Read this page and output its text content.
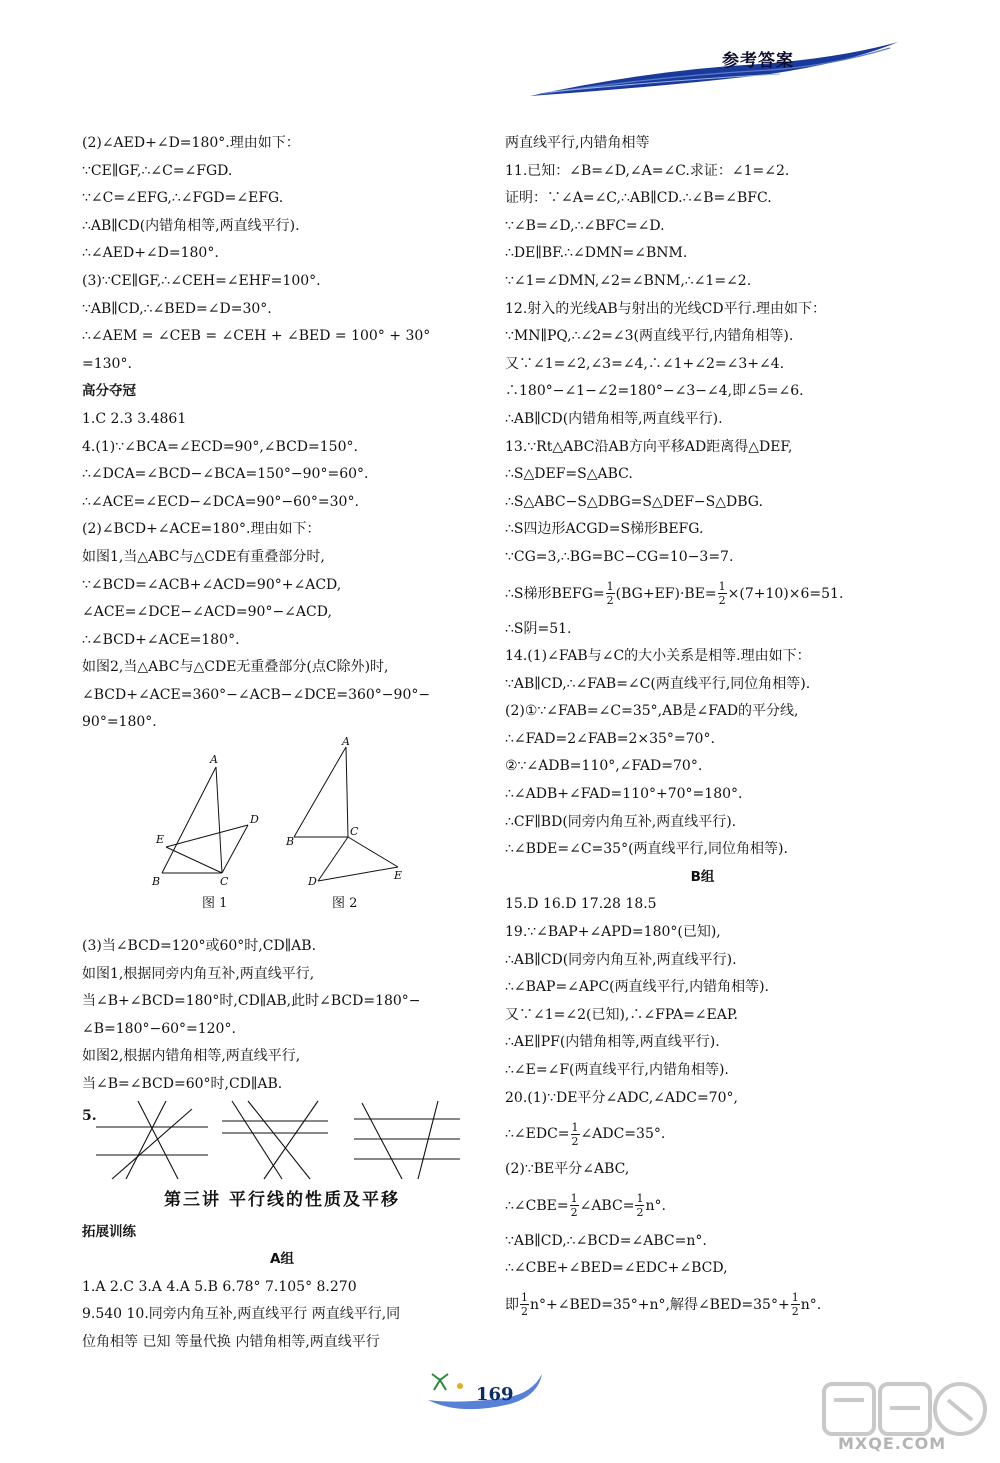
参考答案
(2)∠AED+∠D=180°.理由如下：
∵CE∥GF,∴∠C=∠FGD.
∵∠C=∠EFG,∴∠FGD=∠EFG.
∴AB∥CD(内错角相等,两直线平行).
∴∠AED+∠D=180°.
(3)∵CE∥GF,∴∠CEH=∠EHF=100°.
∵AB∥CD,∴∠BED=∠D=30°.
∴∠AEM = ∠CEB = ∠CEH + ∠BED = 100° + 30°
=130°.
高分夺冠
1.C 2.3 3.4861
4.(1)∵∠BCA=∠ECD=90°,∠BCD=150°.
∴∠DCA=∠BCD−∠BCA=150°−90°=60°.
∴∠ACE=∠ECD−∠DCA=90°−60°=30°.
(2)∠BCD+∠ACE=180°.理由如下：
如图1,当△ABC与△CDE有重叠部分时,
∵∠BCD=∠ACB+∠ACD=90°+∠ACD,
∠ACE=∠DCE−∠ACD=90°−∠ACD,
∴∠BCD+∠ACE=180°.
如图2,当△ABC与△CDE无重叠部分(点C除外)时,
∠BCD+∠ACE=360°−∠ACB−∠DCE=360°−90°−
90°=180°.
A
D
E
B	C
A
B
C
D	E
图 1	图 2
(3)当∠BCD=120°或60°时,CD∥AB.
如图1,根据同旁内角互补,两直线平行,
当∠B+∠BCD=180°时,CD∥AB,此时∠BCD=180°−
∠B=180°−60°=120°.
如图2,根据内错角相等,两直线平行,
当∠B=∠BCD=60°时,CD∥AB.
5.
第三讲 平行线的性质及平移
拓展训练
A组
1.A 2.C 3.A 4.A 5.B 6.78° 7.105° 8.270
9.540 10.同旁内角互补,两直线平行 两直线平行,同
位角相等 已知 等量代换 内错角相等,两直线平行
两直线平行,内错角相等
11.已知：∠B=∠D,∠A=∠C.求证：∠1=∠2.
证明：∵∠A=∠C,∴AB∥CD.∴∠B=∠BFC.
∵∠B=∠D,∴∠BFC=∠D.
∴DE∥BF.∴∠DMN=∠BNM.
∵∠1=∠DMN,∠2=∠BNM,∴∠1=∠2.
12.射入的光线AB与射出的光线CD平行.理由如下：
∵MN∥PQ,∴∠2=∠3(两直线平行,内错角相等).
又∵∠1=∠2,∠3=∠4,∴∠1+∠2=∠3+∠4.
∴180°−∠1−∠2=180°−∠3−∠4,即∠5=∠6.
∴AB∥CD(内错角相等,两直线平行).
13.∵Rt△ABC沿AB方向平移AD距离得△DEF,
∴S△DEF=S△ABC.
∴S△ABC−S△DBG=S△DEF−S△DBG.
∴S四边形ACGD=S梯形BEFG.
∵CG=3,∴BG=BC−CG=10−3=7.
∴S梯形BEFG= $\frac{1}{2} (BG+EF)\cdot BE= \frac{1}{2} \times(7+10)\times 6=51$.
∴S阴=51.
14.(1)∠FAB与∠C的大小关系是相等.理由如下：
∵AB∥CD,∴∠FAB=∠C(两直线平行,同位角相等).
(2)①∵∠FAB=∠C=35°,AB是∠FAD的平分线,
∴∠FAD=2∠FAB=2×35°=70°.
②∵∠ADB=110°,∠FAD=70°.
∴∠ADB+∠FAD=110°+70°=180°.
∴CF∥BD(同旁内角互补,两直线平行).
∴∠BDE=∠C=35°(两直线平行,同位角相等).
B组
15.D 16.D 17.28 18.5
19.∵∠BAP+∠APD=180°(已知),
∴AB∥CD(同旁内角互补,两直线平行).
∴∠BAP=∠APC(两直线平行,内错角相等).
又∵∠1=∠2(已知),∴∠FPA=∠EAP.
∴AE∥PF(内错角相等,两直线平行).
∴∠E=∠F(两直线平行,内错角相等).
20.(1)∵DE平分∠ADC,∠ADC=70°,
∴∠EDC= $\frac{1}{2}$ ∠ADC=35°.
(2)∵BE平分∠ABC,
∴∠CBE= $\frac{1}{2}$ ∠ABC= $\frac{1}{2} n^\circ$.
∵AB∥CD,∴∠BCD=∠ABC=n°.
∴∠CBE+∠BED=∠EDC+∠BCD,
即 $\frac{1}{2}$ n°+∠BED=35°+n°,解得∠BED=35°+ $\frac{1}{2} n^\circ$.
169
MXQE.COM
